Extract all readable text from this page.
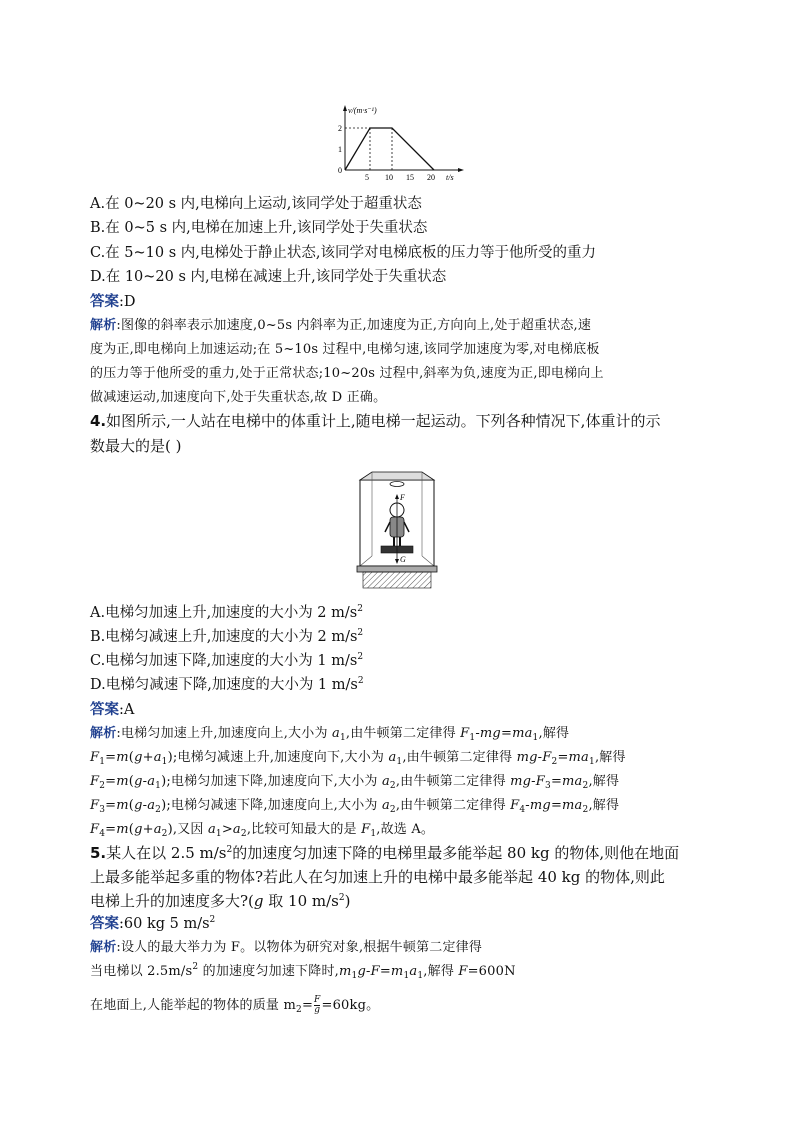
v/(m·s⁻¹)
t/s
0
1
2
5 10 15 20
A.在 0~20 s 内,电梯向上运动,该同学处于超重状态
B.在 0~5 s 内,电梯在加速上升,该同学处于失重状态
C.在 5~10 s 内,电梯处于静止状态,该同学对电梯底板的压力等于他所受的重力
D.在 10~20 s 内,电梯在减速上升,该同学处于失重状态
答案:D
解析:图像的斜率表示加速度,0~5s 内斜率为正,加速度为正,方向向上,处于超重状态,速
度为正,即电梯向上加速运动;在 5~10s 过程中,电梯匀速,该同学加速度为零,对电梯底板
的压力等于他所受的重力,处于正常状态;10~20s 过程中,斜率为负,速度为正,即电梯向上
做减速运动,加速度向下,处于失重状态,故 D 正确。
4.如图所示,一人站在电梯中的体重计上,随电梯一起运动。下列各种情况下,体重计的示
数最大的是( )
F
G
A.电梯匀加速上升,加速度的大小为 2 $m/s^2$
B.电梯匀减速上升,加速度的大小为 2 $m/s^2$
C.电梯匀加速下降,加速度的大小为 1 $m/s^2$
D.电梯匀减速下降,加速度的大小为 1 $m/s^2$
答案:A
解析:电梯匀加速上升,加速度向上,大小为 $a_1$,由牛顿第二定律得 $F_1-mg=ma_1$,解得
$F_1=m(g+a_1)$;电梯匀减速上升,加速度向下,大小为 $a_1$,由牛顿第二定律得 $mg-F_2=ma_1$,解得
$F_2=m(g-a_1)$;电梯匀加速下降,加速度向下,大小为 $a_2$,由牛顿第二定律得 $mg-F_3=ma_2$,解得
$F_3=m(g-a_2)$;电梯匀减速下降,加速度向上,大小为 $a_2$,由牛顿第二定律得 $F_4-mg=ma_2$,解得
$F_4=m(g+a_2)$,又因 $a_1>a_2$,比较可知最大的是 $F_1$,故选 A。
5.某人在以 2.5 $m/s^2$的加速度匀加速下降的电梯里最多能举起 80 kg 的物体,则他在地面
上最多能举起多重的物体?若此人在匀加速上升的电梯中最多能举起 40 kg 的物体,则此
电梯上升的加速度多大?(g 取 10 $m/s^2$)
答案:60 kg 5 $m/s^2$
解析:设人的最大举力为 F。以物体为研究对象,根据牛顿第二定律得
当电梯以 $2.5m/s^2$ 的加速度匀加速下降时$,m_1g-F=m_1a_1$,解得 F=600N
在地面上,人能举起的物体的质量 $m_2= \frac{F}{g} =60kg$。
